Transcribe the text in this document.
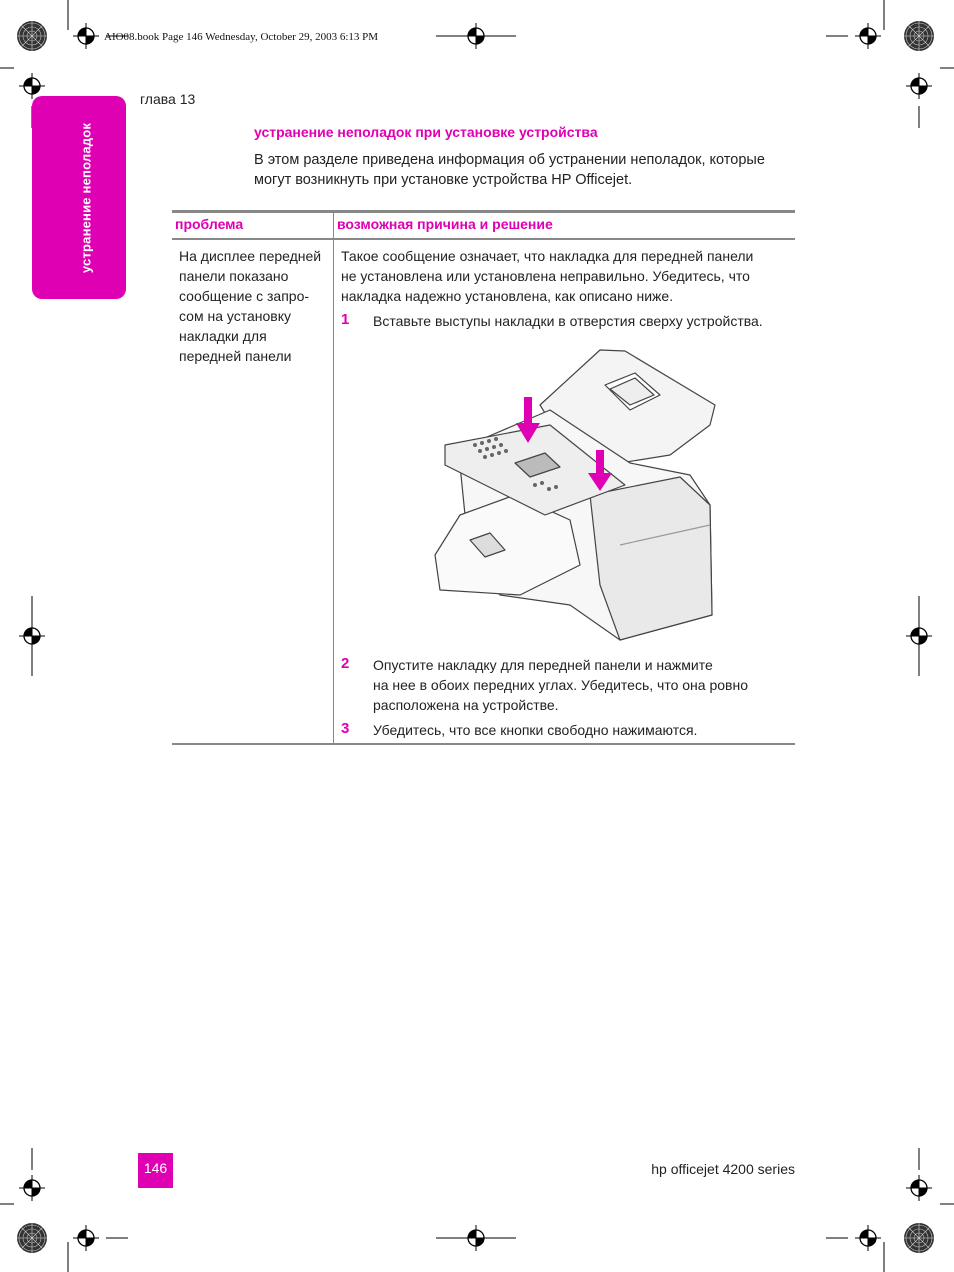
AIO08.book Page 146 Wednesday, October 29, 2003 6:13 PM
устранение неполадок
глава 13
устранение неполадок при установке устройства
В этом разделе приведена информация об устранении неполадок, которые
могут возникнуть при установке устройства HP Officejet.
проблема	возможная причина и решение
На дисплее передней
панели показано
сообщение с запро-
сом на установку
накладки для
передней панели
Такое сообщение означает, что накладка для передней панели
не установлена или установлена неправильно. Убедитесь, что
накладка надежно установлена, как описано ниже.
1 Вставьте выступы накладки в отверстия сверху устройства.
2 Опустите накладку для передней панели и нажмите
на нее в обоих передних углах. Убедитесь, что она ровно
расположена на устройстве.
3 Убедитесь, что все кнопки свободно нажимаются.
146	hp officejet 4200 series
